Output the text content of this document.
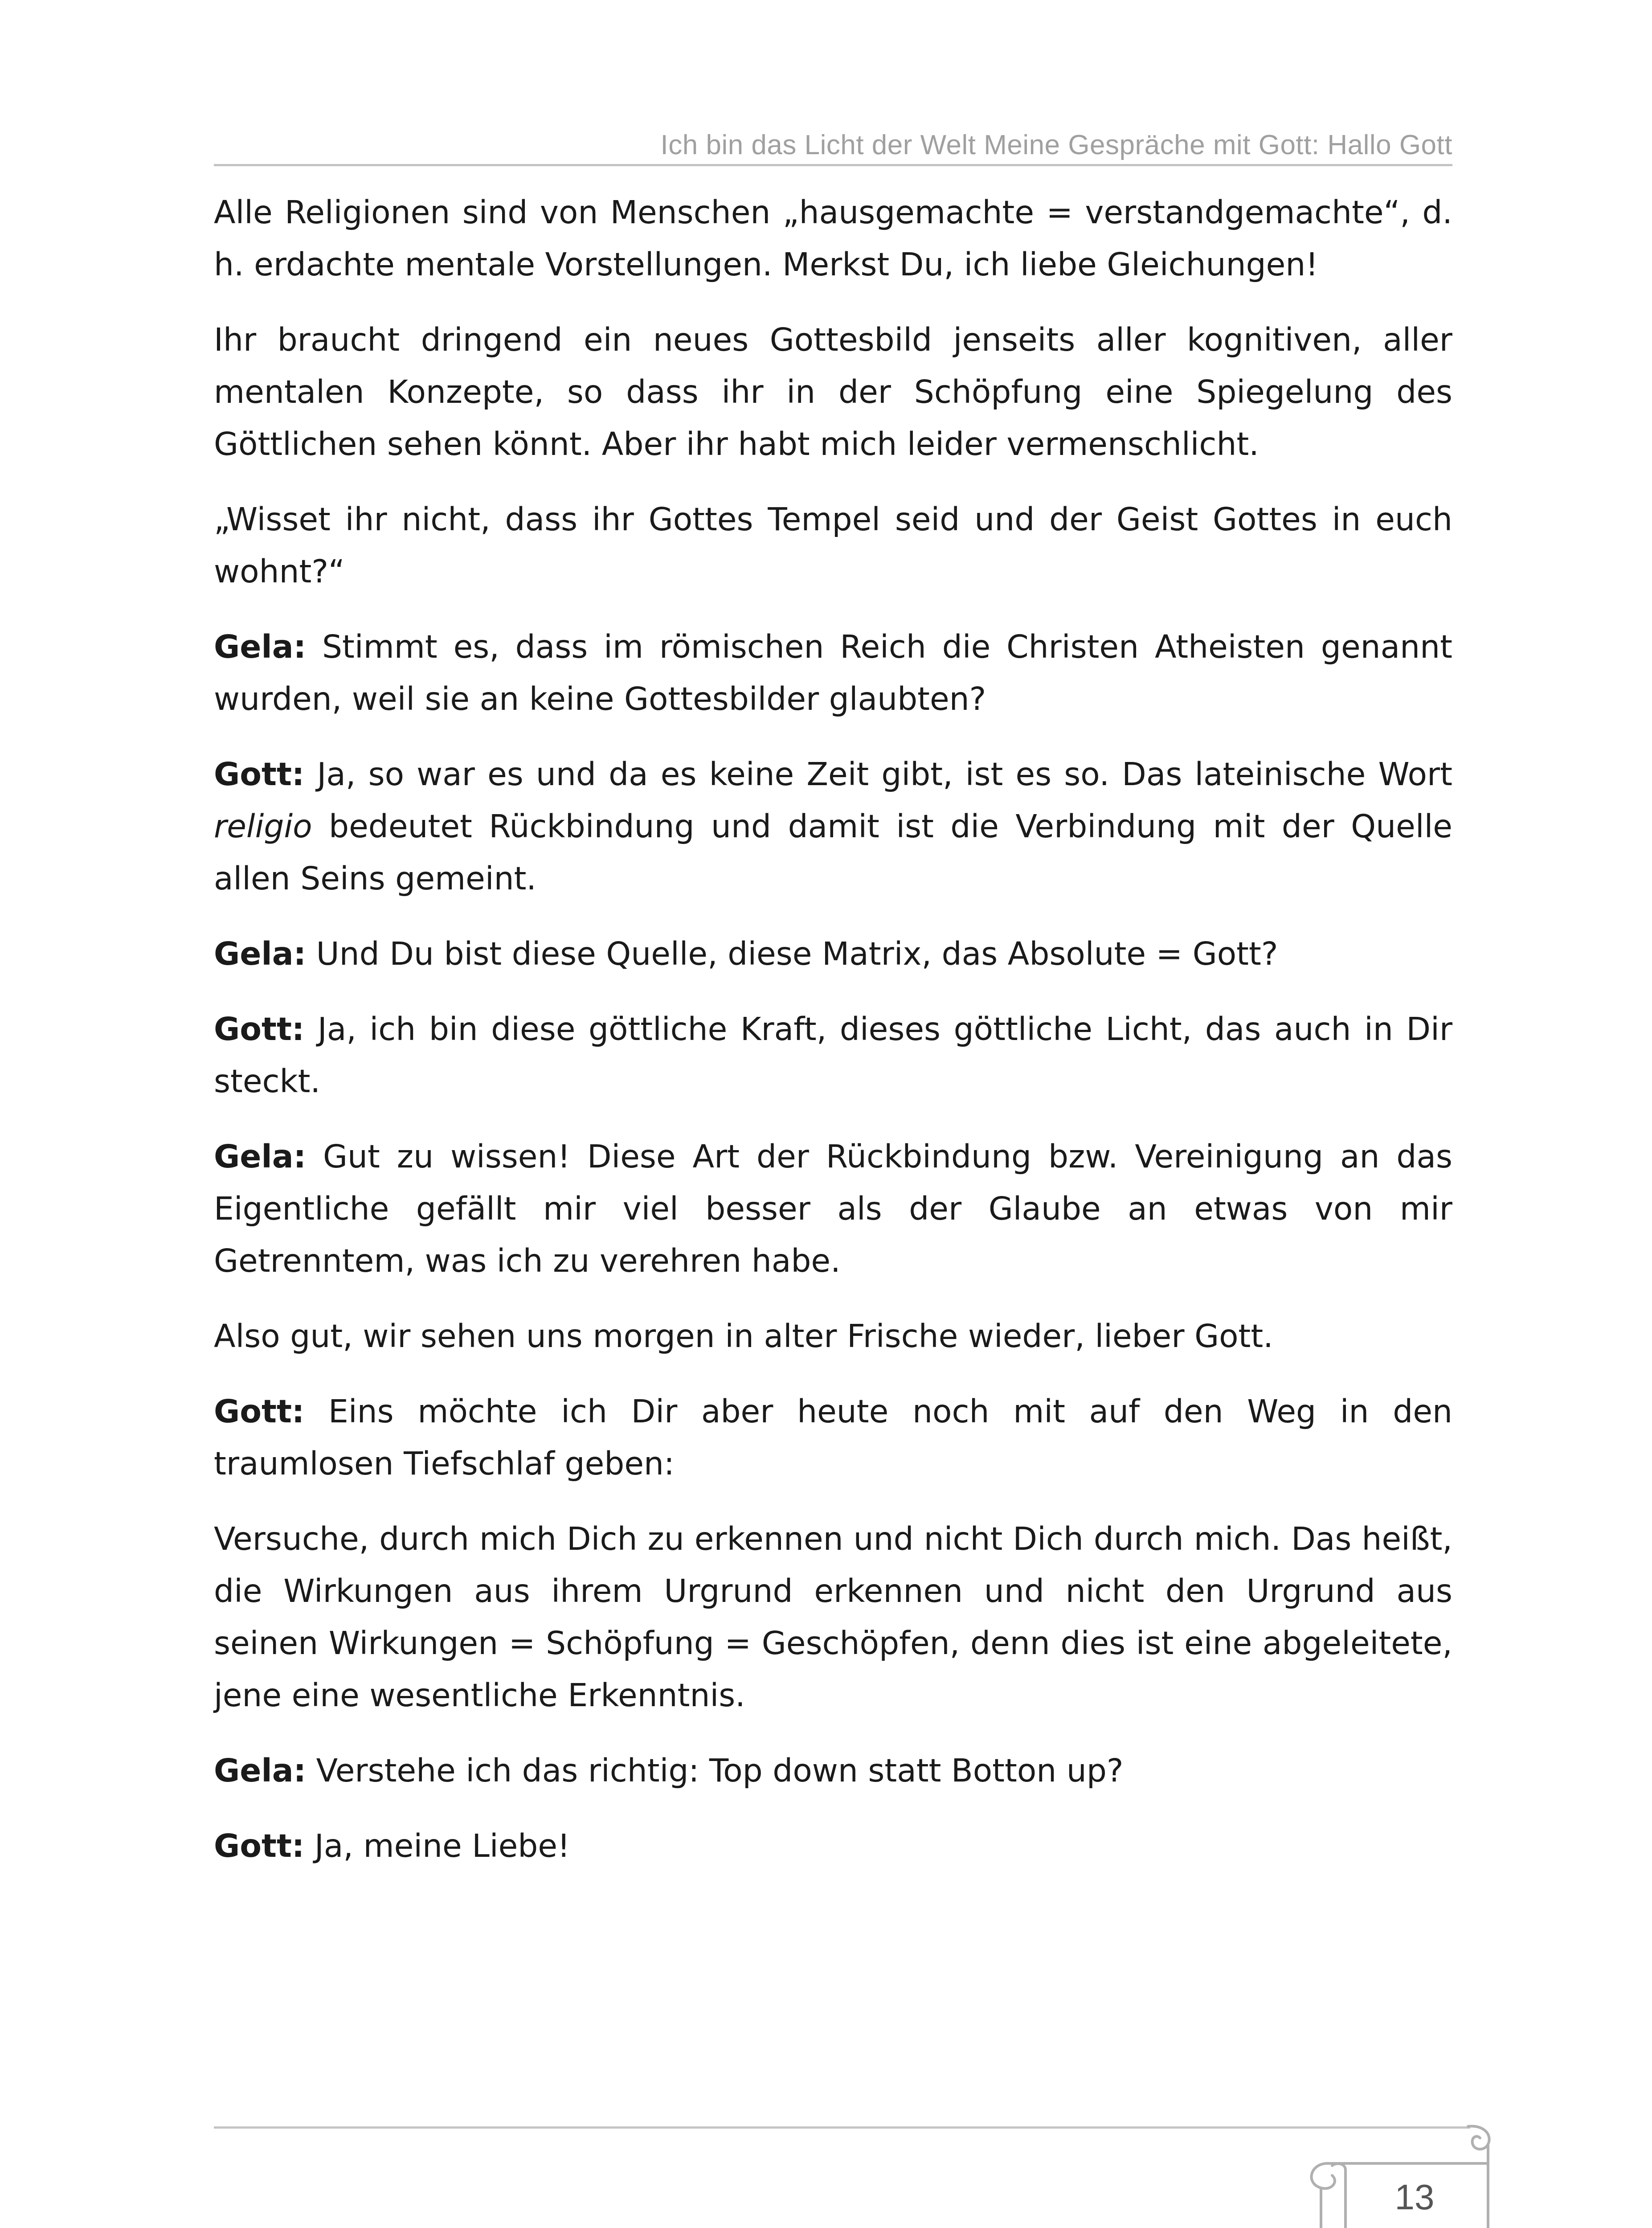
Ich bin das Licht der Welt Meine Gespräche mit Gott: Hallo Gott

Alle Religionen sind von Menschen „hausgemachte = verstandgemachte“, d. h. erdachte mentale Vorstellungen. Merkst Du, ich liebe Gleichungen!

Ihr braucht dringend ein neues Gottesbild jenseits aller kognitiven, aller mentalen Konzepte, so dass ihr in der Schöpfung eine Spiegelung des Göttlichen sehen könnt. Aber ihr habt mich leider vermenschlicht.

„Wisset ihr nicht, dass ihr Gottes Tempel seid und der Geist Gottes in euch wohnt?“

Gela: Stimmt es, dass im römischen Reich die Christen Atheisten genannt wurden, weil sie an keine Gottesbilder glaubten?

Gott: Ja, so war es und da es keine Zeit gibt, ist es so. Das lateinische Wort religio bedeutet Rückbindung und damit ist die Verbindung mit der Quelle allen Seins gemeint.

Gela: Und Du bist diese Quelle, diese Matrix, das Absolute = Gott?

Gott: Ja, ich bin diese göttliche Kraft, dieses göttliche Licht, das auch in Dir steckt.

Gela: Gut zu wissen! Diese Art der Rückbindung bzw. Vereinigung an das Eigentliche gefällt mir viel besser als der Glaube an etwas von mir Getrenntem, was ich zu verehren habe.

Also gut, wir sehen uns morgen in alter Frische wieder, lieber Gott.

Gott: Eins möchte ich Dir aber heute noch mit auf den Weg in den traumlosen Tiefschlaf geben:

Versuche, durch mich Dich zu erkennen und nicht Dich durch mich. Das heißt, die Wirkungen aus ihrem Urgrund erkennen und nicht den Urgrund aus seinen Wirkungen = Schöpfung = Geschöpfen, denn dies ist eine abgeleitete, jene eine wesentliche Erkenntnis.

Gela: Verstehe ich das richtig: Top down statt Botton up?

Gott: Ja, meine Liebe!

13
